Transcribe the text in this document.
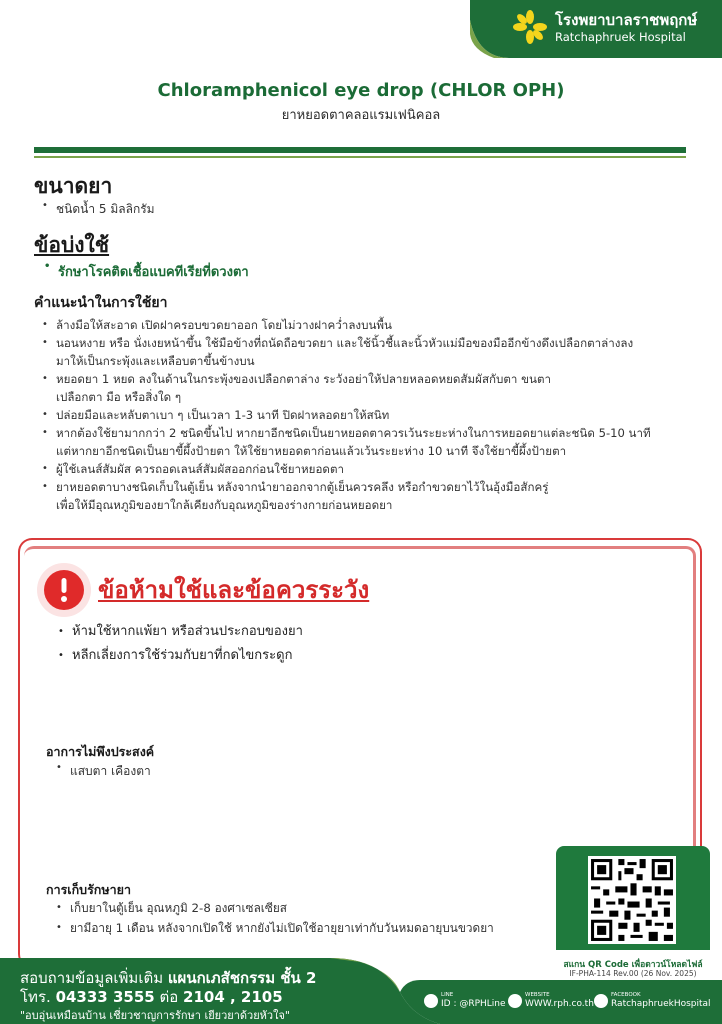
โรงพยาบาลราชพฤกษ์
Ratchaphruek Hospital
Chloramphenicol eye drop (CHLOR OPH)
ยาหยอดตาคลอแรมเฟนิคอล
ขนาดยา
• ชนิดน้ำ 5 มิลลิกรัม
ข้อบ่งใช้
• รักษาโรคติดเชื้อแบคทีเรียที่ดวงตา
คำแนะนำในการใช้ยา
• ล้างมือให้สะอาด เปิดฝาครอบขวดยาออก โดยไม่วางฝาคว่ำลงบนพื้น
• นอนหงาย หรือ นั่งเงยหน้าขึ้น ใช้มือข้างที่ถนัดถือขวดยา และใช้นิ้วชี้และนิ้วหัวแม่มือของมืออีกข้างดึงเปลือกตาล่างลง
มาให้เป็นกระพุ้งและเหลือบตาขึ้นข้างบน
• หยอดยา 1 หยด ลงในด้านในกระพุ้งของเปลือกตาล่าง ระวังอย่าให้ปลายหลอดหยดสัมผัสกับตา ขนตา
เปลือกตา มือ หรือสิ่งใด ๆ
• ปล่อยมือและหลับตาเบา ๆ เป็นเวลา 1-3 นาที ปิดฝาหลอดยาให้สนิท
• หากต้องใช้ยามากกว่า 2 ชนิดขึ้นไป หากยาอีกชนิดเป็นยาหยอดตาควรเว้นระยะห่างในการหยอดยาแต่ละชนิด 5-10 นาที
แต่หากยาอีกชนิดเป็นยาขี้ผึ้งป้ายตา ให้ใช้ยาหยอดตาก่อนแล้วเว้นระยะห่าง 10 นาที จึงใช้ยาขี้ผึ้งป้ายตา
• ผู้ใช้เลนส์สัมผัส ควรถอดเลนส์สัมผัสออกก่อนใช้ยาหยอดตา
• ยาหยอดตาบางชนิดเก็บในตู้เย็น หลังจากนำยาออกจากตู้เย็นควรคลึง หรือกำขวดยาไว้ในอุ้งมือสักครู่
เพื่อให้มีอุณหภูมิของยาใกล้เคียงกับอุณหภูมิของร่างกายก่อนหยอดยา
ข้อห้ามใช้และข้อควรระวัง
• ห้ามใช้หากแพ้ยา หรือส่วนประกอบของยา
• หลีกเลี่ยงการใช้ร่วมกับยาที่กดไขกระดูก
อาการไม่พึงประสงค์
• แสบตา เคืองตา
การเก็บรักษายา
• เก็บยาในตู้เย็น อุณหภูมิ 2-8 องศาเซลเซียส
• ยามีอายุ 1 เดือน หลังจากเปิดใช้ หากยังไม่เปิดใช้อายุยาเท่ากับวันหมดอายุบนขวดยา
สแกน QR Code เพื่อดาวน์โหลดไฟล์
IF-PHA-114 Rev.00 (26 Nov. 2025)
สอบถามข้อมูลเพิ่มเติม แผนกเภสัชกรรม ชั้น 2
โทร. 04333 3555 ต่อ 2104 , 2105
"อบอุ่นเหมือนบ้าน เชี่ยวชาญการรักษา เยียวยาด้วยหัวใจ"
LINE
ID : @RPHLine
WEBSITE
WWW.rph.co.th
FACEBOOK
RatchaphruekHospital
